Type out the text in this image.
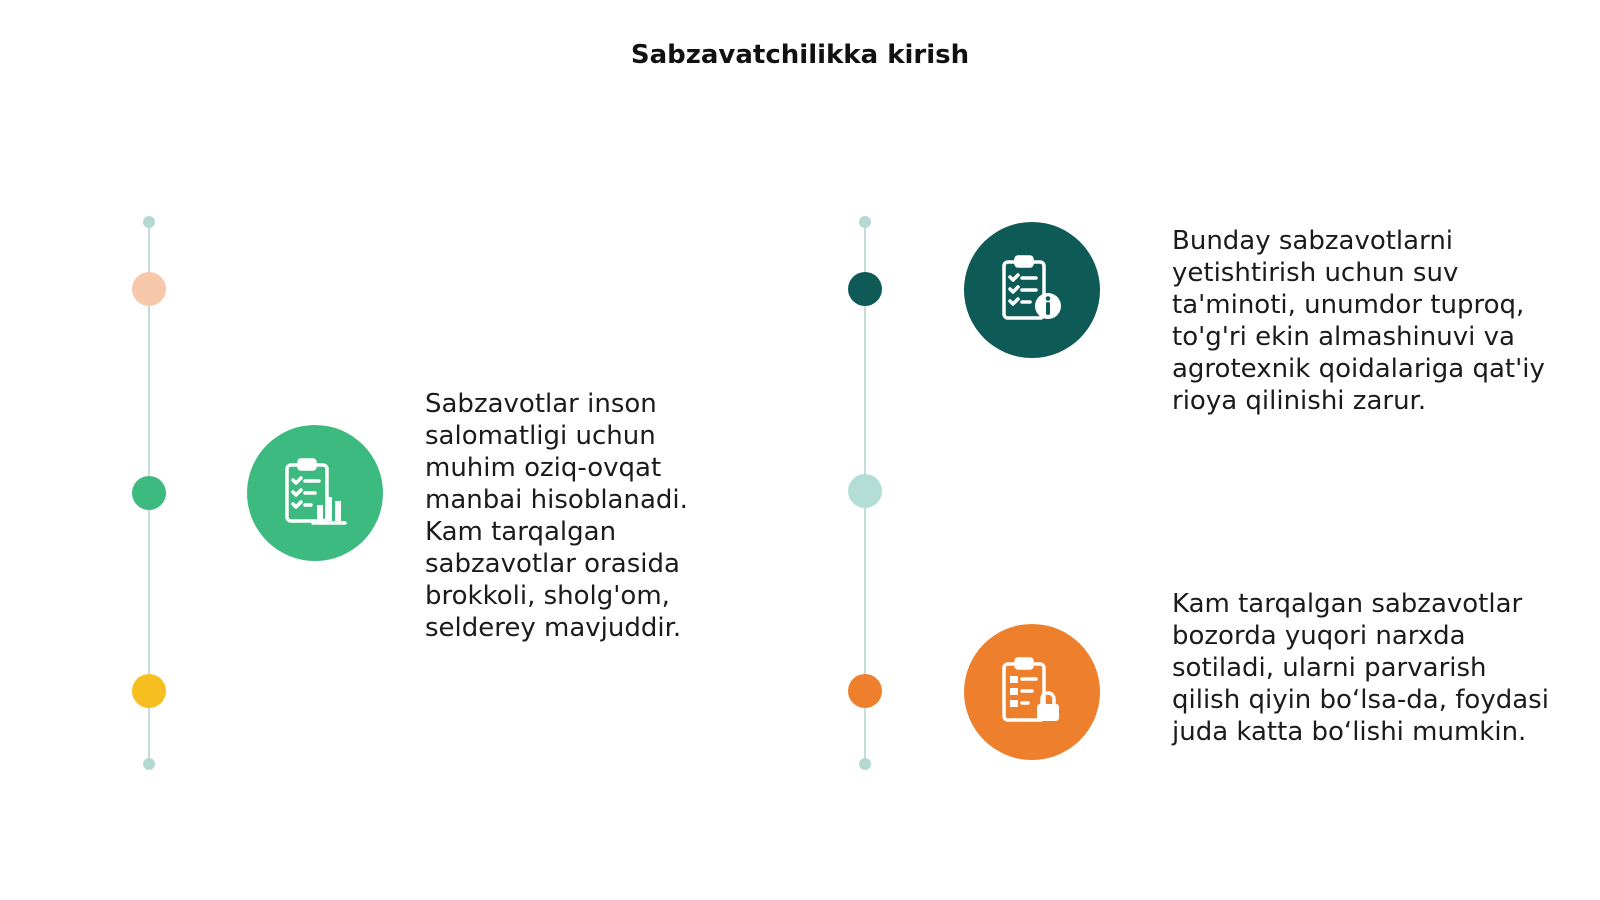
Sabzavatchilikka kirish
Sabzavotlar inson salomatligi uchun muhim oziq-ovqat manbai hisoblanadi. Kam tarqalgan sabzavotlar orasida brokkoli, sholg'om, selderey mavjuddir.
Bunday sabzavotlarni yetishtirish uchun suv ta'minoti, unumdor tuproq, to'g'ri ekin almashinuvi va agrotexnik qoidalariga qat'iy rioya qilinishi zarur.
Kam tarqalgan sabzavotlar bozorda yuqori narxda sotiladi, ularni parvarish qilish qiyin bo‘lsa-da, foydasi juda katta bo‘lishi mumkin.
